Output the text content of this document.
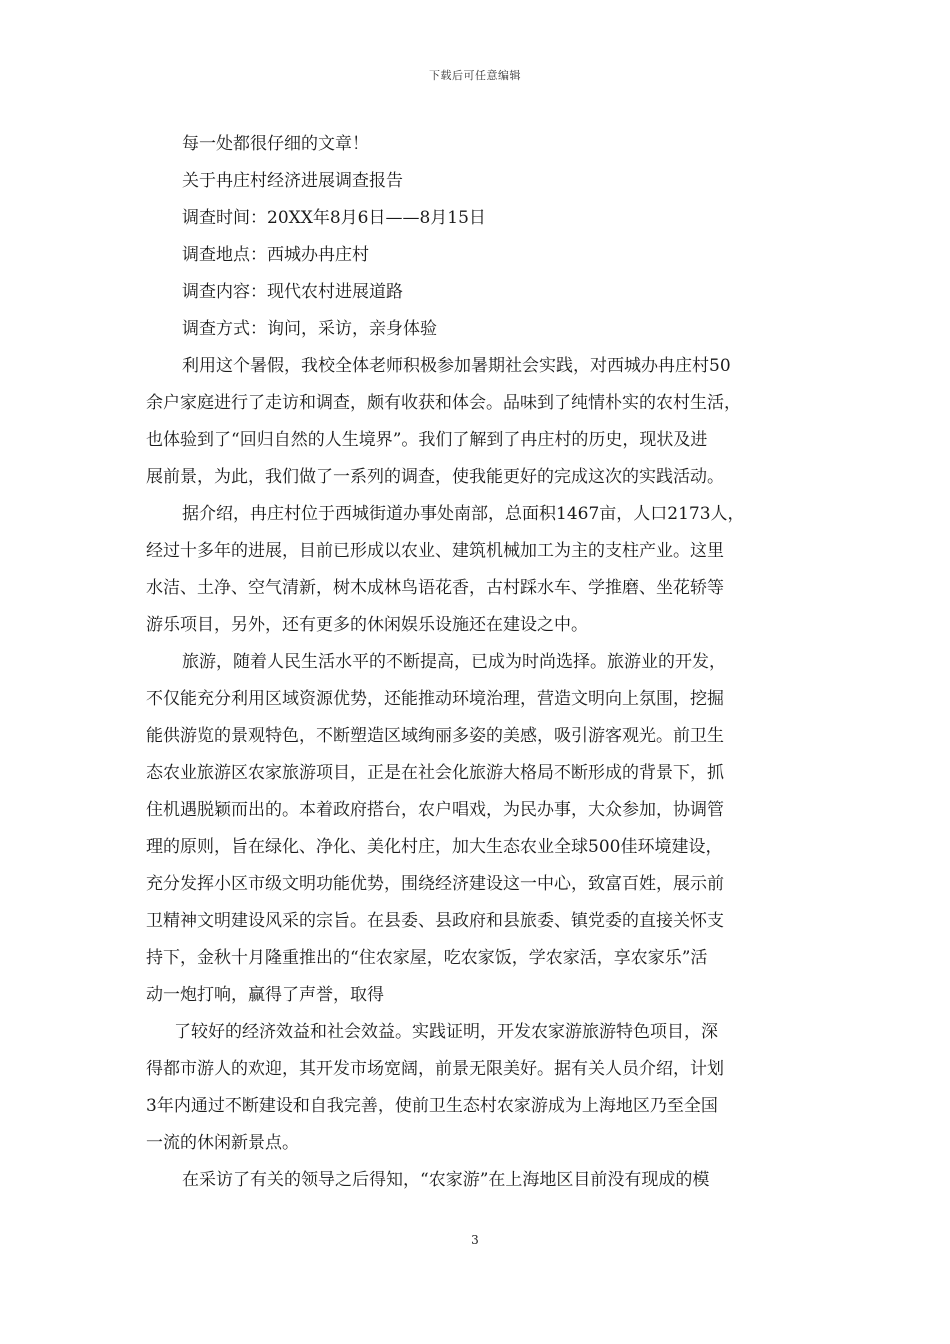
下载后可任意编辑
每一处都很仔细的文章！
关于冉庄村经济进展调查报告
调查时间：20XX年8月6日——8月15日
调查地点：西城办冉庄村
调查内容：现代农村进展道路
调查方式：询问，采访，亲身体验
利用这个暑假，我校全体老师积极参加暑期社会实践，对西城办冉庄村50
余户家庭进行了走访和调查，颇有收获和体会。品味到了纯情朴实的农村生活，
也体验到了“回归自然的人生境界”。我们了解到了冉庄村的历史，现状及进
展前景，为此，我们做了一系列的调查，使我能更好的完成这次的实践活动。
据介绍，冉庄村位于西城街道办事处南部，总面积1467亩，人口2173人，
经过十多年的进展，目前已形成以农业、建筑机械加工为主的支柱产业。这里
水洁、土净、空气清新，树木成林鸟语花香，古村踩水车、学推磨、坐花轿等
游乐项目，另外，还有更多的休闲娱乐设施还在建设之中。
旅游，随着人民生活水平的不断提高，已成为时尚选择。旅游业的开发，
不仅能充分利用区域资源优势，还能推动环境治理，营造文明向上氛围，挖掘
能供游览的景观特色，不断塑造区域绚丽多姿的美感，吸引游客观光。前卫生
态农业旅游区农家旅游项目，正是在社会化旅游大格局不断形成的背景下，抓
住机遇脱颖而出的。本着政府搭台，农户唱戏，为民办事，大众参加，协调管
理的原则，旨在绿化、净化、美化村庄，加大生态农业全球500佳环境建设，
充分发挥小区市级文明功能优势，围绕经济建设这一中心，致富百姓，展示前
卫精神文明建设风采的宗旨。在县委、县政府和县旅委、镇党委的直接关怀支
持下，金秋十月隆重推出的“住农家屋，吃农家饭，学农家活，享农家乐”活
动一炮打响，赢得了声誉，取得
了较好的经济效益和社会效益。实践证明，开发农家游旅游特色项目，深
得都市游人的欢迎，其开发市场宽阔，前景无限美好。据有关人员介绍，计划
3年内通过不断建设和自我完善，使前卫生态村农家游成为上海地区乃至全国
一流的休闲新景点。
在采访了有关的领导之后得知，“农家游”在上海地区目前没有现成的模
3
